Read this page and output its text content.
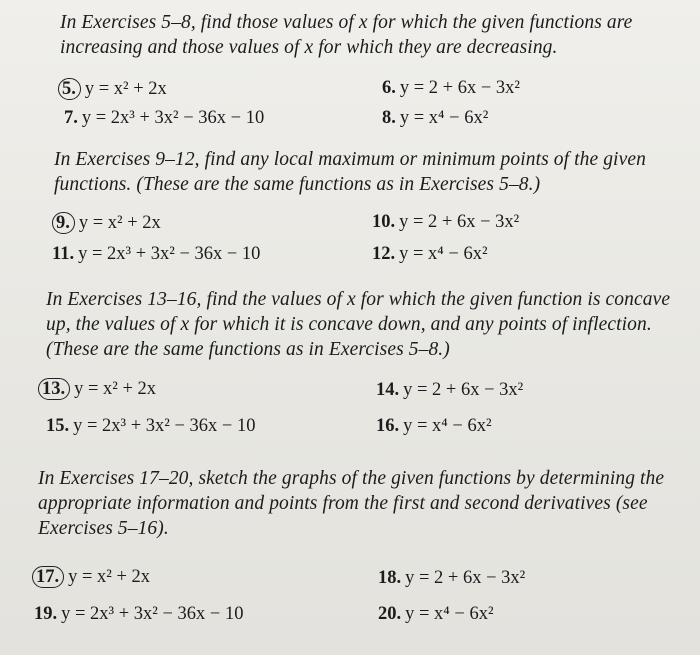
In Exercises 5–8, find those values of x for which the given functions are increasing and those values of x for which they are decreasing.
5. y = x² + 2x	6. y = 2 + 6x − 3x²
7. y = 2x³ + 3x² − 36x − 10	8. y = x⁴ − 6x²
In Exercises 9–12, find any local maximum or minimum points of the given functions. (These are the same functions as in Exercises 5–8.)
9. y = x² + 2x	10. y = 2 + 6x − 3x²
11. y = 2x³ + 3x² − 36x − 10	12. y = x⁴ − 6x²
In Exercises 13–16, find the values of x for which the given function is concave up, the values of x for which it is concave down, and any points of inflection. (These are the same functions as in Exercises 5–8.)
13. y = x² + 2x	14. y = 2 + 6x − 3x²
15. y = 2x³ + 3x² − 36x − 10	16. y = x⁴ − 6x²
In Exercises 17–20, sketch the graphs of the given functions by determining the appropriate information and points from the first and second derivatives (see Exercises 5–16).
17. y = x² + 2x	18. y = 2 + 6x − 3x²
19. y = 2x³ + 3x² − 36x − 10	20. y = x⁴ − 6x²
